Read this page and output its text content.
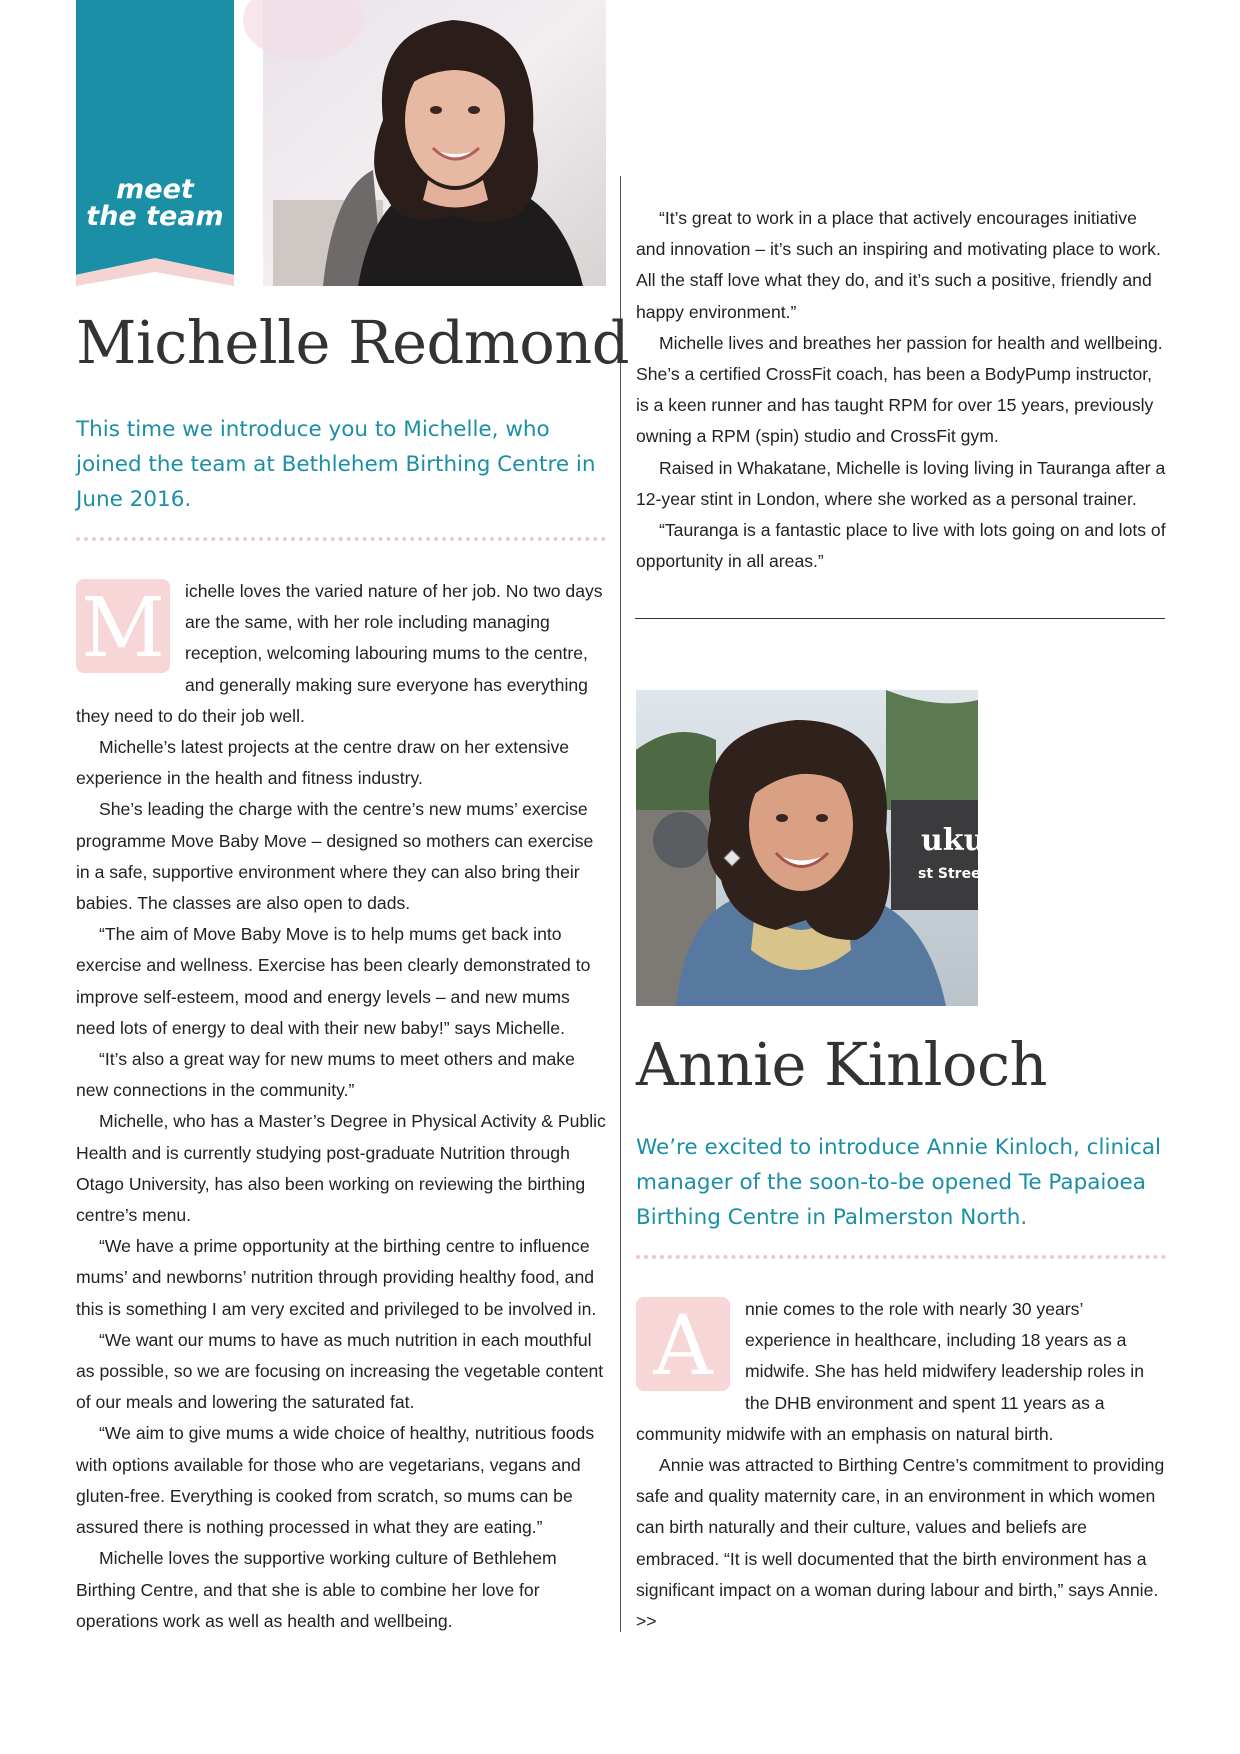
meet
the team
Michelle Redmond

This time we introduce you to Michelle, who joined the team at Bethlehem Birthing Centre in June 2016.

M ichelle loves the varied nature of her job. No two days are the same, with her role including managing reception, welcoming labouring mums to the centre, and generally making sure everyone has everything they need to do their job well.

Michelle’s latest projects at the centre draw on her extensive experience in the health and fitness industry.

She’s leading the charge with the centre’s new mums’ exercise programme Move Baby Move – designed so mothers can exercise in a safe, supportive environment where they can also bring their babies. The classes are also open to dads.

“The aim of Move Baby Move is to help mums get back into exercise and wellness. Exercise has been clearly demonstrated to improve self-esteem, mood and energy levels – and new mums need lots of energy to deal with their new baby!” says Michelle.

“It’s also a great way for new mums to meet others and make new connections in the community.”

Michelle, who has a Master’s Degree in Physical Activity & Public Health and is currently studying post-graduate Nutrition through Otago University, has also been working on reviewing the birthing centre’s menu.

“We have a prime opportunity at the birthing centre to influence mums’ and newborns’ nutrition through providing healthy food, and this is something I am very excited and privileged to be involved in.

“We want our mums to have as much nutrition in each mouthful as possible, so we are focusing on increasing the vegetable content of our meals and lowering the saturated fat.

“We aim to give mums a wide choice of healthy, nutritious foods with options available for those who are vegetarians, vegans and gluten-free. Everything is cooked from scratch, so mums can be assured there is nothing processed in what they are eating.”

Michelle loves the supportive working culture of Bethlehem Birthing Centre, and that she is able to combine her love for operations work as well as health and wellbeing.

“It’s great to work in a place that actively encourages initiative and innovation – it’s such an inspiring and motivating place to work. All the staff love what they do, and it’s such a positive, friendly and happy environment.”

Michelle lives and breathes her passion for health and wellbeing. She’s a certified CrossFit coach, has been a BodyPump instructor, is a keen runner and has taught RPM for over 15 years, previously owning a RPM (spin) studio and CrossFit gym.

Raised in Whakatane, Michelle is loving living in Tauranga after a 12-year stint in London, where she worked as a personal trainer.

“Tauranga is a fantastic place to live with lots going on and lots of opportunity in all areas.”

uku
st Street
Annie Kinloch

We’re excited to introduce Annie Kinloch, clinical manager of the soon-to-be opened Te Papaioea Birthing Centre in Palmerston North.

A	nnie comes to the role with nearly 30 years’ experience in healthcare, including 18 years as a midwife. She has held midwifery leadership roles in the DHB environment and spent 11 years as a community midwife with an emphasis on natural birth.

Annie was attracted to Birthing Centre’s commitment to providing safe and quality maternity care, in an environment in which women can birth naturally and their culture, values and beliefs are embraced. “It is well documented that the birth environment has a significant impact on a woman during labour and birth,” says Annie. >>
